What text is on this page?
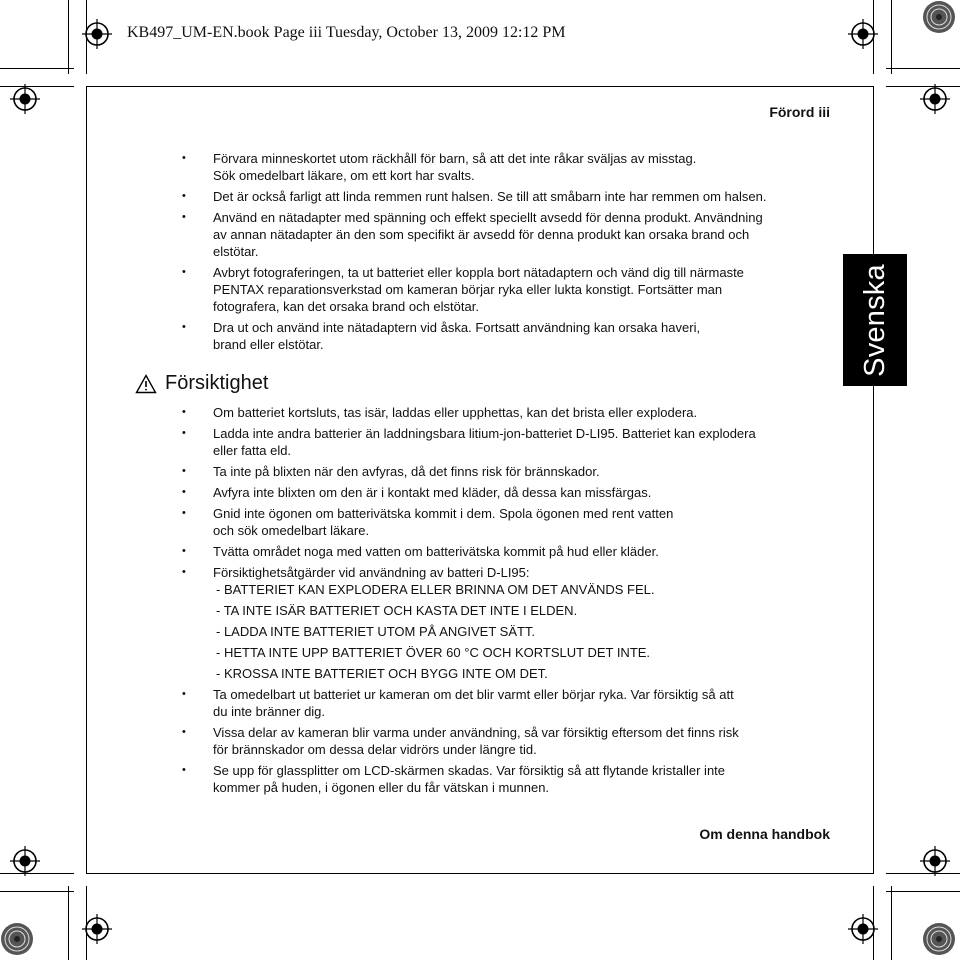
KB497_UM-EN.book Page iii Tuesday, October 13, 2009 12:12 PM
Förord iii
Svenska
• Förvara minneskortet utom räckhåll för barn, så att det inte råkar sväljas av misstag.
Sök omedelbart läkare, om ett kort har svalts.
• Det är också farligt att linda remmen runt halsen. Se till att småbarn inte har remmen om halsen.
• Använd en nätadapter med spänning och effekt speciellt avsedd för denna produkt. Användning
av annan nätadapter än den som specifikt är avsedd för denna produkt kan orsaka brand och
elstötar.
• Avbryt fotograferingen, ta ut batteriet eller koppla bort nätadaptern och vänd dig till närmaste
PENTAX reparationsverkstad om kameran börjar ryka eller lukta konstigt. Fortsätter man
fotografera, kan det orsaka brand och elstötar.
• Dra ut och använd inte nätadaptern vid åska. Fortsatt användning kan orsaka haveri,
brand eller elstötar.
Försiktighet
• Om batteriet kortsluts, tas isär, laddas eller upphettas, kan det brista eller explodera.
• Ladda inte andra batterier än laddningsbara litium-jon-batteriet D-LI95. Batteriet kan explodera
eller fatta eld.
• Ta inte på blixten när den avfyras, då det finns risk för brännskador.
• Avfyra inte blixten om den är i kontakt med kläder, då dessa kan missfärgas.
• Gnid inte ögonen om batterivätska kommit i dem. Spola ögonen med rent vatten
och sök omedelbart läkare.
• Tvätta området noga med vatten om batterivätska kommit på hud eller kläder.
• Försiktighetsåtgärder vid användning av batteri D-LI95:
- BATTERIET KAN EXPLODERA ELLER BRINNA OM DET ANVÄNDS FEL.
- TA INTE ISÄR BATTERIET OCH KASTA DET INTE I ELDEN.
- LADDA INTE BATTERIET UTOM PÅ ANGIVET SÄTT.
- HETTA INTE UPP BATTERIET ÖVER 60 °C OCH KORTSLUT DET INTE.
- KROSSA INTE BATTERIET OCH BYGG INTE OM DET.
• Ta omedelbart ut batteriet ur kameran om det blir varmt eller börjar ryka. Var försiktig så att
du inte bränner dig.
• Vissa delar av kameran blir varma under användning, så var försiktig eftersom det finns risk
för brännskador om dessa delar vidrörs under längre tid.
• Se upp för glassplitter om LCD-skärmen skadas. Var försiktig så att flytande kristaller inte
kommer på huden, i ögonen eller du får vätskan i munnen.
Om denna handbok
